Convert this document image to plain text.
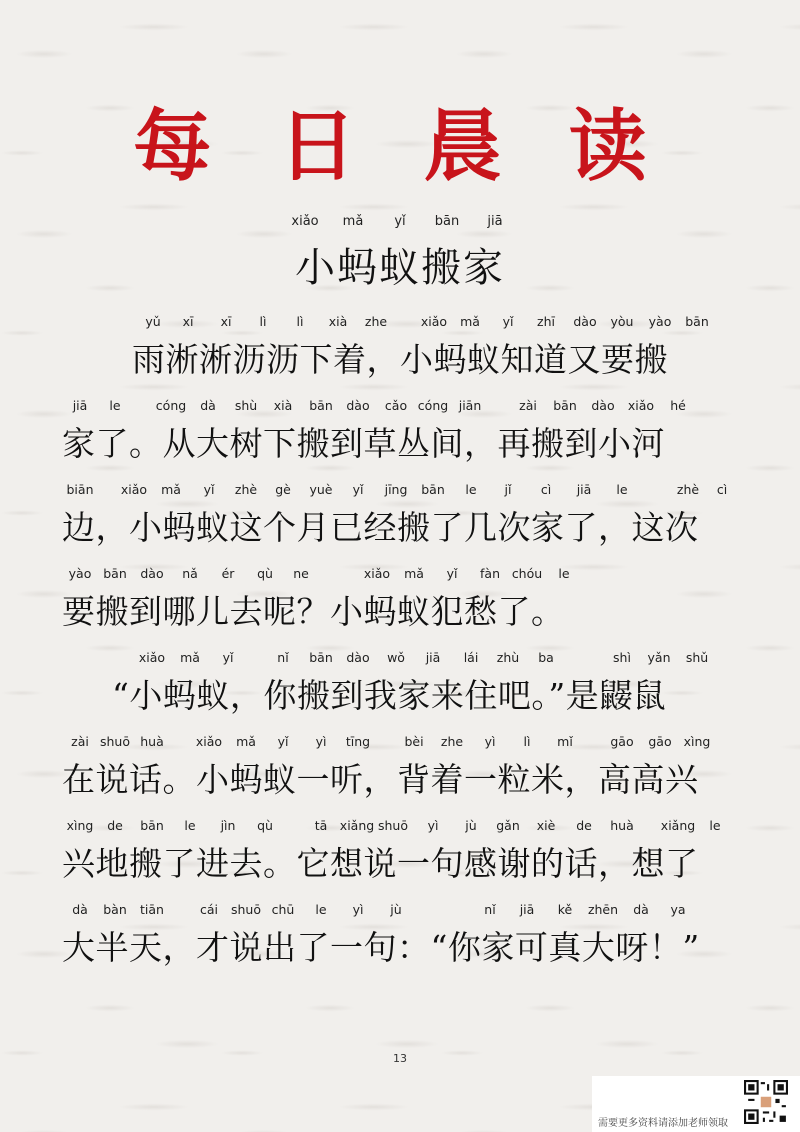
每 日 晨 读
xiǎo mǎ yǐ bān jiā
小蚂蚁搬家
yǔ xī xī lì lì xià zhe	xiǎo mǎ yǐ zhī dào yòu yào bān
雨淅淅沥沥下着，小蚂蚁知道又要搬
jiā le	cóng dà shù xià bān dào cǎo cóng jiān	zài bān dào xiǎo hé
家了。从大树下搬到草丛间，再搬到小河
biān xiǎo mǎ yǐ zhè gè yuè yǐ jīng bān le jǐ cì jiā le	zhè cì
边，小蚂蚁这个月已经搬了几次家了，这次
yào bān dào nǎ ér qù ne	xiǎo mǎ yǐ fàn chóu le
要搬到哪儿去呢？小蚂蚁犯愁了。
xiǎo mǎ yǐ	nǐ bān dào wǒ jiā lái zhù ba	shì yǎn shǔ
“小蚂蚁，你搬到我家来住吧。”是鼹鼠
zài shuō huà	xiǎo mǎ yǐ yì tīng	bèi zhe yì lì mǐ	gāo gāo xìng
在说话。小蚂蚁一听，背着一粒米，高高兴
xìng de bān le jìn qù	tā xiǎng shuō yì jù gǎn xiè de huà xiǎng le
兴地搬了进去。它想说一句感谢的话，想了
dà bàn tiān	cái shuō chū le yì jù	nǐ jiā kě zhēn dà ya
大半天，才说出了一句：“你家可真大呀！”
13
需要更多资料请添加老师领取
